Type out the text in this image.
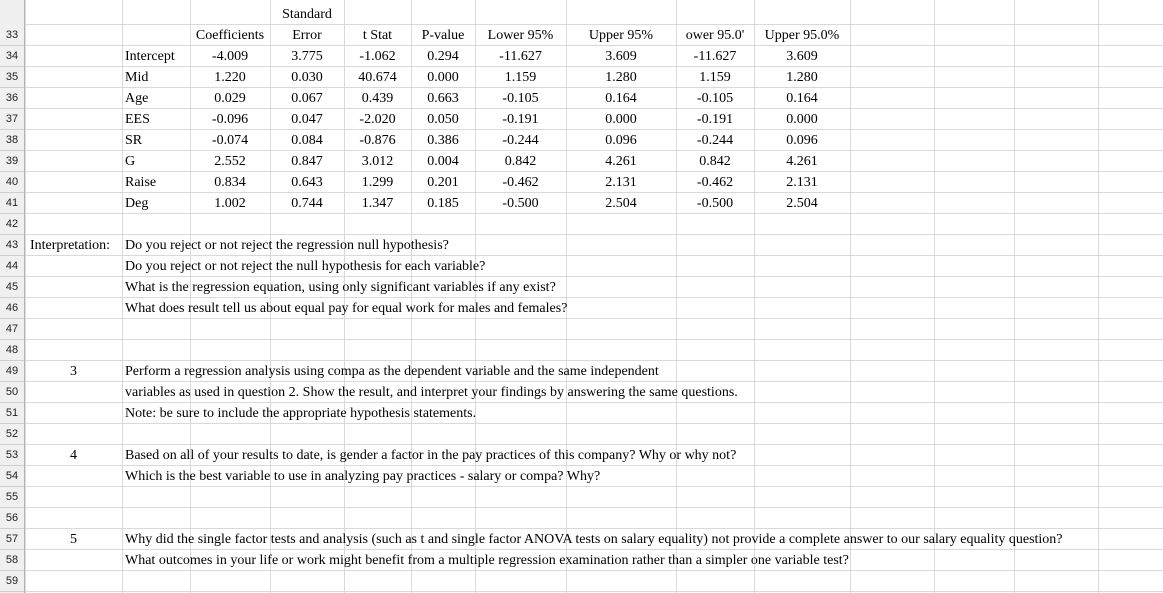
33
34
35
36
37
38
39
40
41
42
43
44
45
46
47
48
49
50
51
52
53
54
55
56
57
58
59
Standard
Coefficients	Error	t Stat	P-value	Lower 95%	Upper 95%	ower 95.0'	Upper 95.0%
Intercept	-4.009	3.775	-1.062	0.294	-11.627	3.609	-11.627	3.609
Mid	1.220	0.030	40.674	0.000	1.159	1.280	1.159	1.280
Age	0.029	0.067	0.439	0.663	-0.105	0.164	-0.105	0.164
EES	-0.096	0.047	-2.020	0.050	-0.191	0.000	-0.191	0.000
SR	-0.074	0.084	-0.876	0.386	-0.244	0.096	-0.244	0.096
G	2.552	0.847	3.012	0.004	0.842	4.261	0.842	4.261
Raise	0.834	0.643	1.299	0.201	-0.462	2.131	-0.462	2.131
Deg	1.002	0.744	1.347	0.185	-0.500	2.504	-0.500	2.504
Interpretation:	Do you reject or not reject the regression null hypothesis?
Do you reject or not reject the null hypothesis for each variable?
What is the regression equation, using only significant variables if any exist?
What does result tell us about equal pay for equal work for males and females?
3	Perform a regression analysis using compa as the dependent variable and the same independent
variables as used in question 2. Show the result, and interpret your findings by answering the same questions.
Note: be sure to include the appropriate hypothesis statements.
4	Based on all of your results to date, is gender a factor in the pay practices of this company? Why or why not?
Which is the best variable to use in analyzing pay practices - salary or compa? Why?
5	Why did the single factor tests and analysis (such as t and single factor ANOVA tests on salary equality) not provide a complete answer to our salary equality question?
What outcomes in your life or work might benefit from a multiple regression examination rather than a simpler one variable test?
